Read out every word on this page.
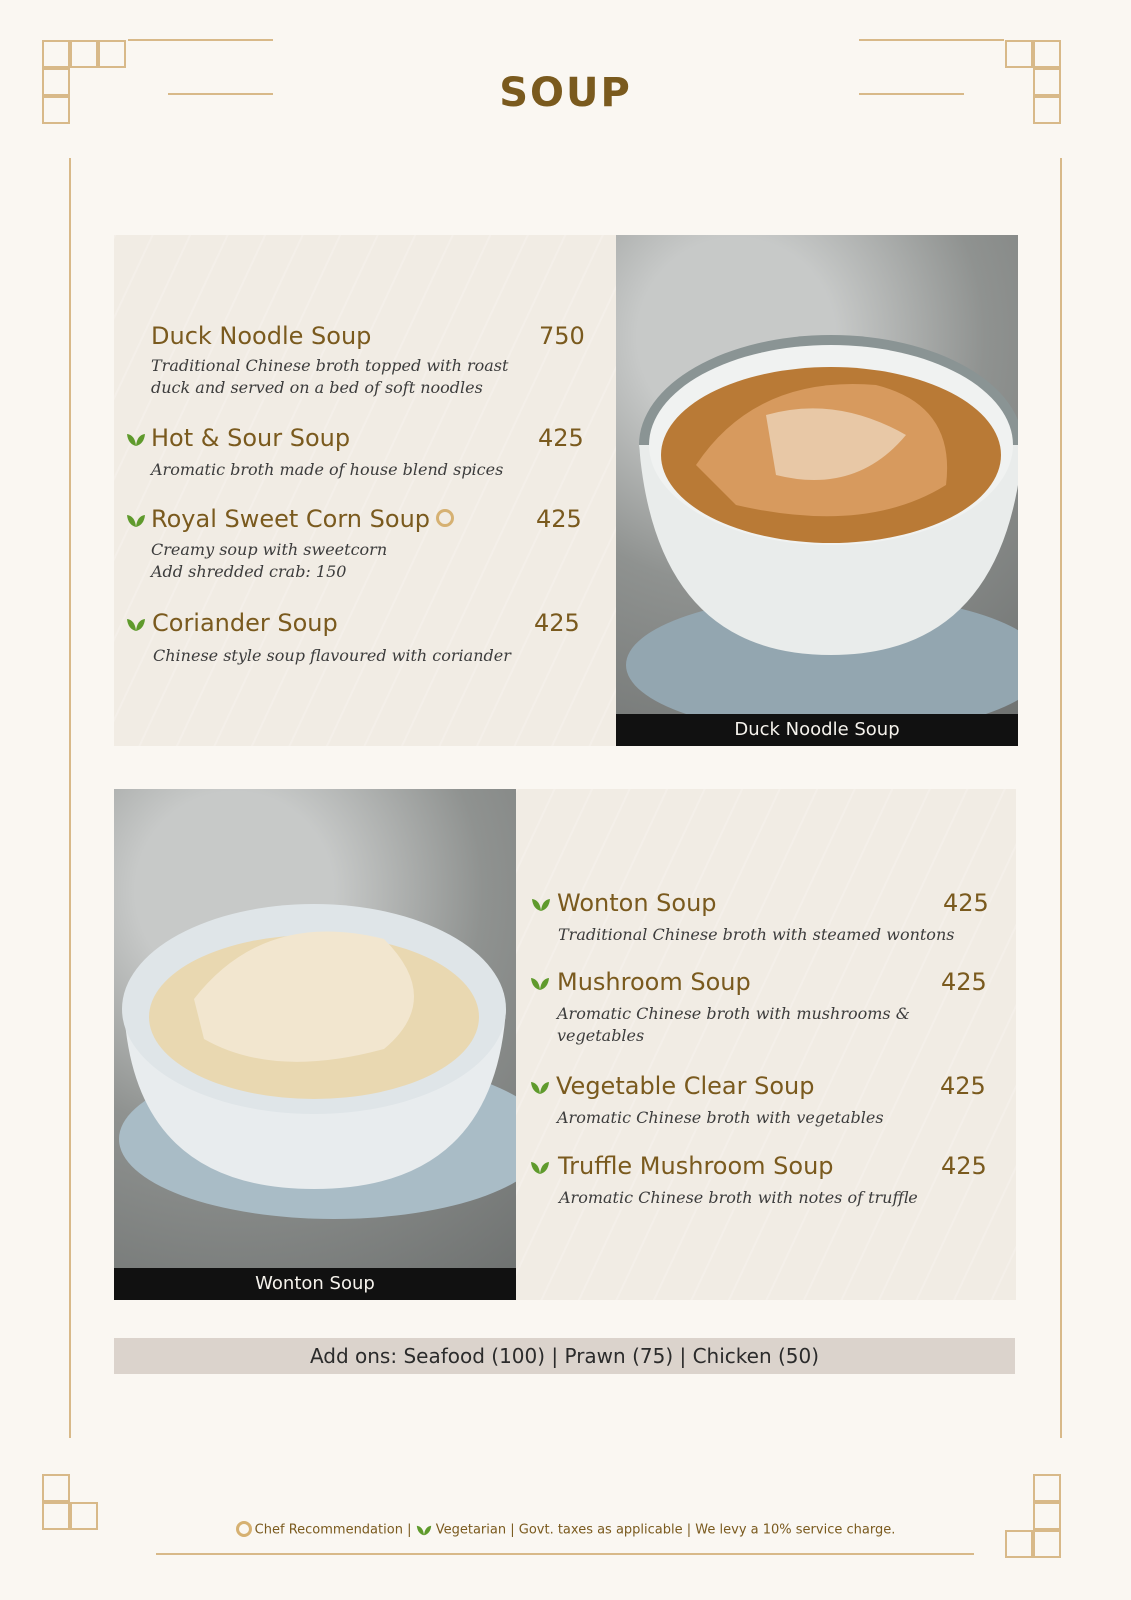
SOUP
Duck Noodle Soup
Duck Noodle Soup	750
Traditional Chinese broth topped with roast
duck and served on a bed of soft noodles
Hot & Sour Soup	425
Aromatic broth made of house blend spices
Royal Sweet Corn Soup	425
Creamy soup with sweetcorn
Add shredded crab: 150
Coriander Soup	425
Chinese style soup flavoured with coriander
Wonton Soup
Wonton Soup	425
Traditional Chinese broth with steamed wontons
Mushroom Soup	425
Aromatic Chinese broth with mushrooms &
vegetables
Vegetable Clear Soup	425
Aromatic Chinese broth with vegetables
Truffle Mushroom Soup	425
Aromatic Chinese broth with notes of truffle
Add ons: Seafood (100) | Prawn (75) | Chicken (50)
Chef Recommendation |  Vegetarian | Govt. taxes as applicable | We levy a 10% service charge.
